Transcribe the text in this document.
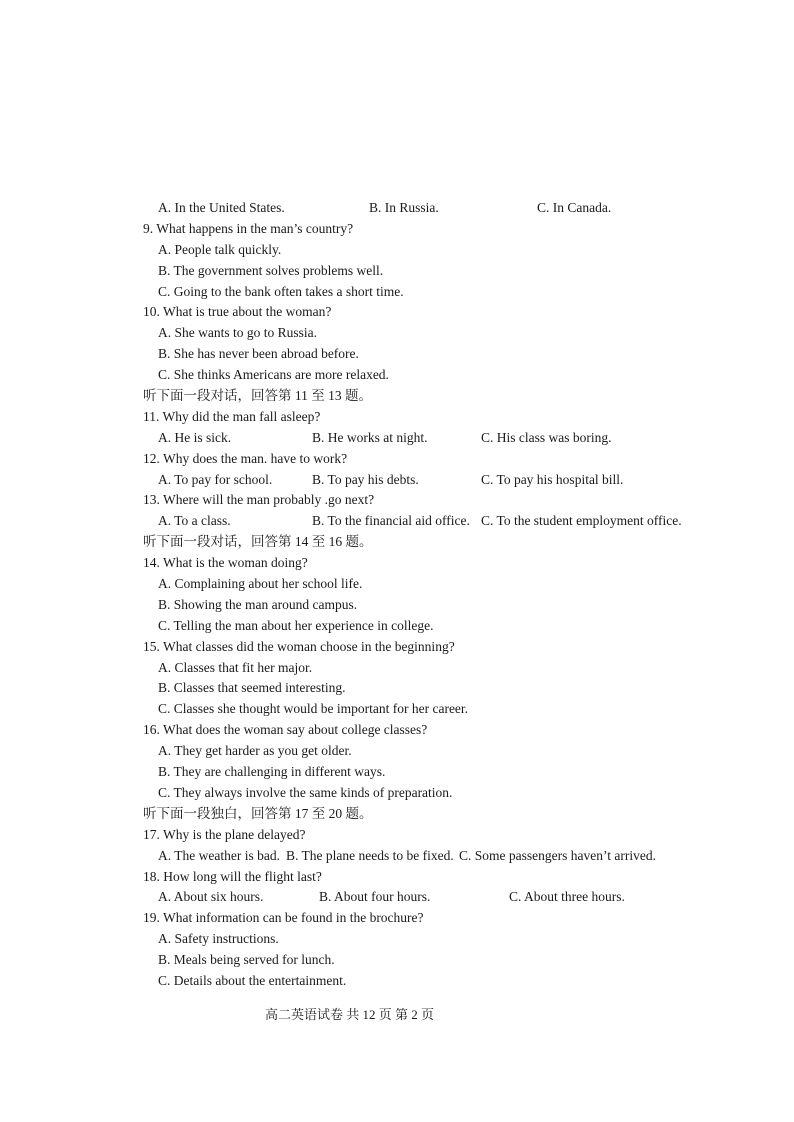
A. In the United States.	B. In Russia.	C. In Canada.
9. What happens in the man’s country?
A. People talk quickly.
B. The government solves problems well.
C. Going to the bank often takes a short time.
10. What is true about the woman?
A. She wants to go to Russia.
B. She has never been abroad before.
C. She thinks Americans are more relaxed.
听下面一段对话，回答第 11 至 13 题。
11. Why did the man fall asleep?
A. He is sick.	B. He works at night.	C. His class was boring.
12. Why does the man. have to work?
A. To pay for school.	B. To pay his debts.	C. To pay his hospital bill.
13. Where will the man probably .go next?
A. To a class.	B. To the financial aid office. C. To the student employment office.
听下面一段对话，回答第 14 至 16 题。
14. What is the woman doing?
A. Complaining about her school life.
B. Showing the man around campus.
C. Telling the man about her experience in college.
15. What classes did the woman choose in the beginning?
A. Classes that fit her major.
B. Classes that seemed interesting.
C. Classes she thought would be important for her career.
16. What does the woman say about college classes?
A. They get harder as you get older.
B. They are challenging in different ways.
C. They always involve the same kinds of preparation.
听下面一段独白，回答第 17 至 20 题。
17. Why is the plane delayed?
A. The weather is bad. B. The plane needs to be fixed. C. Some passengers haven’t arrived.
18. How long will the flight last?
A. About six hours.	B. About four hours.	C. About three hours.
19. What information can be found in the brochure?
A. Safety instructions.
B. Meals being served for lunch.
C. Details about the entertainment.
高二英语试卷 共 12 页 第 2 页
